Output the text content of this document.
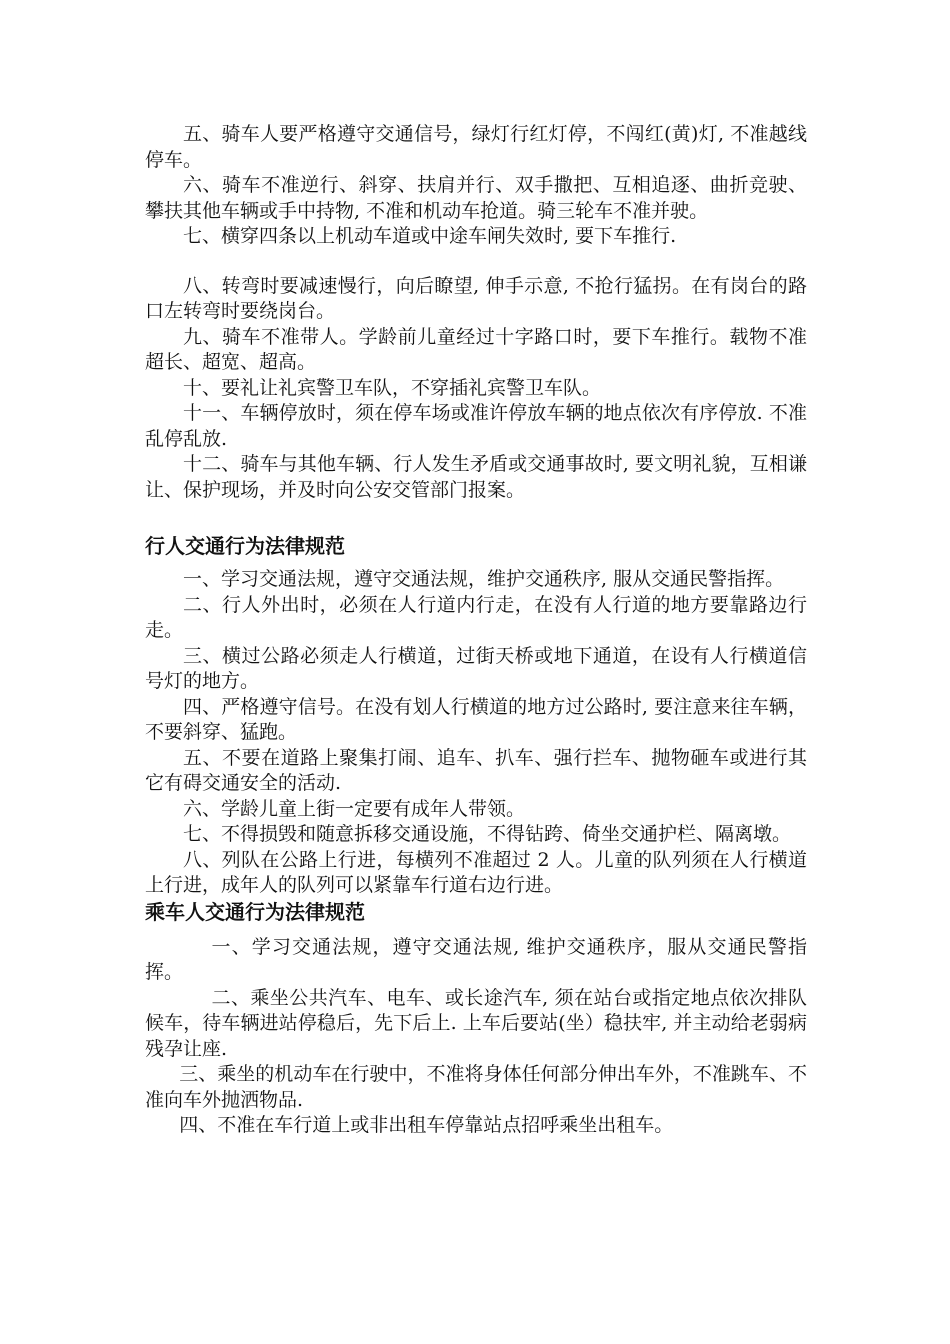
五、骑车人要严格遵守交通信号，绿灯行红灯停，不闯红(黄)灯, 不准越线停车。

六、骑车不准逆行、斜穿、扶肩并行、双手撒把、互相追逐、曲折竞驶、攀扶其他车辆或手中持物, 不准和机动车抢道。骑三轮车不准并驶。

七、横穿四条以上机动车道或中途车闸失效时, 要下车推行.

八、转弯时要减速慢行，向后瞭望, 伸手示意, 不抢行猛拐。在有岗台的路口左转弯时要绕岗台。

九、骑车不准带人。学龄前儿童经过十字路口时，要下车推行。载物不准超长、超宽、超高。

十、要礼让礼宾警卫车队，不穿插礼宾警卫车队。

十一、车辆停放时，须在停车场或准许停放车辆的地点依次有序停放. 不准乱停乱放.

十二、骑车与其他车辆、行人发生矛盾或交通事故时, 要文明礼貌，互相谦让、保护现场，并及时向公安交管部门报案。

行人交通行为法律规范

一、学习交通法规，遵守交通法规，维护交通秩序, 服从交通民警指挥。

二、行人外出时，必须在人行道内行走，在没有人行道的地方要靠路边行走。

三、横过公路必须走人行横道，过街天桥或地下通道，在设有人行横道信号灯的地方。

四、严格遵守信号。在没有划人行横道的地方过公路时, 要注意来往车辆，不要斜穿、猛跑。

五、不要在道路上聚集打闹、追车、扒车、强行拦车、抛物砸车或进行其它有碍交通安全的活动.

六、学龄儿童上街一定要有成年人带领。

七、不得损毁和随意拆移交通设施，不得钻跨、倚坐交通护栏、隔离墩。

八、列队在公路上行进，每横列不准超过 2 人。儿童的队列须在人行横道上行进，成年人的队列可以紧靠车行道右边行进。

乘车人交通行为法律规范

一、学习交通法规，遵守交通法规, 维护交通秩序，服从交通民警指挥。

二、乘坐公共汽车、电车、或长途汽车, 须在站台或指定地点依次排队候车，待车辆进站停稳后，先下后上. 上车后要站(坐）稳扶牢, 并主动给老弱病残孕让座.

三、乘坐的机动车在行驶中，不准将身体任何部分伸出车外，不准跳车、不准向车外抛洒物品.

四、不准在车行道上或非出租车停靠站点招呼乘坐出租车。
